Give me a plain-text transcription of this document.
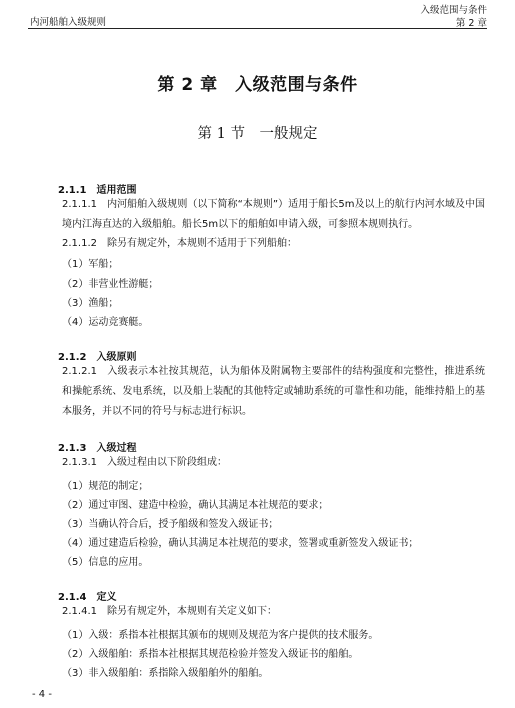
内河船舶入级规则
入级范围与条件
第 2 章
第 2 章　入级范围与条件
第 1 节　一般规定
2.1.1　适用范围
2.1.1.1　内河船舶入级规则（以下简称“本规则”）适用于船长5m及以上的航行内河水域及中国境内江海直达的入级船舶。船长5m以下的船舶如申请入级，可参照本规则执行。
2.1.1.2　除另有规定外，本规则不适用于下列船舶：
（1）军船；
（2）非营业性游艇；
（3）渔船；
（4）运动竞赛艇。
2.1.2　入级原则
2.1.2.1　入级表示本社按其规范，认为船体及附属物主要部件的结构强度和完整性，推进系统和操舵系统、发电系统，以及船上装配的其他特定或辅助系统的可靠性和功能，能维持船上的基本服务，并以不同的符号与标志进行标识。
2.1.3　入级过程
2.1.3.1　入级过程由以下阶段组成：
（1）规范的制定；
（2）通过审图、建造中检验，确认其满足本社规范的要求；
（3）当确认符合后，授予船级和签发入级证书；
（4）通过建造后检验，确认其满足本社规范的要求，签署或重新签发入级证书；
（5）信息的应用。
2.1.4　定义
2.1.4.1　除另有规定外，本规则有关定义如下：
（1）入级：系指本社根据其颁布的规则及规范为客户提供的技术服务。
（2）入级船舶：系指本社根据其规范检验并签发入级证书的船舶。
（3）非入级船舶：系指除入级船舶外的船舶。
- 4 -
